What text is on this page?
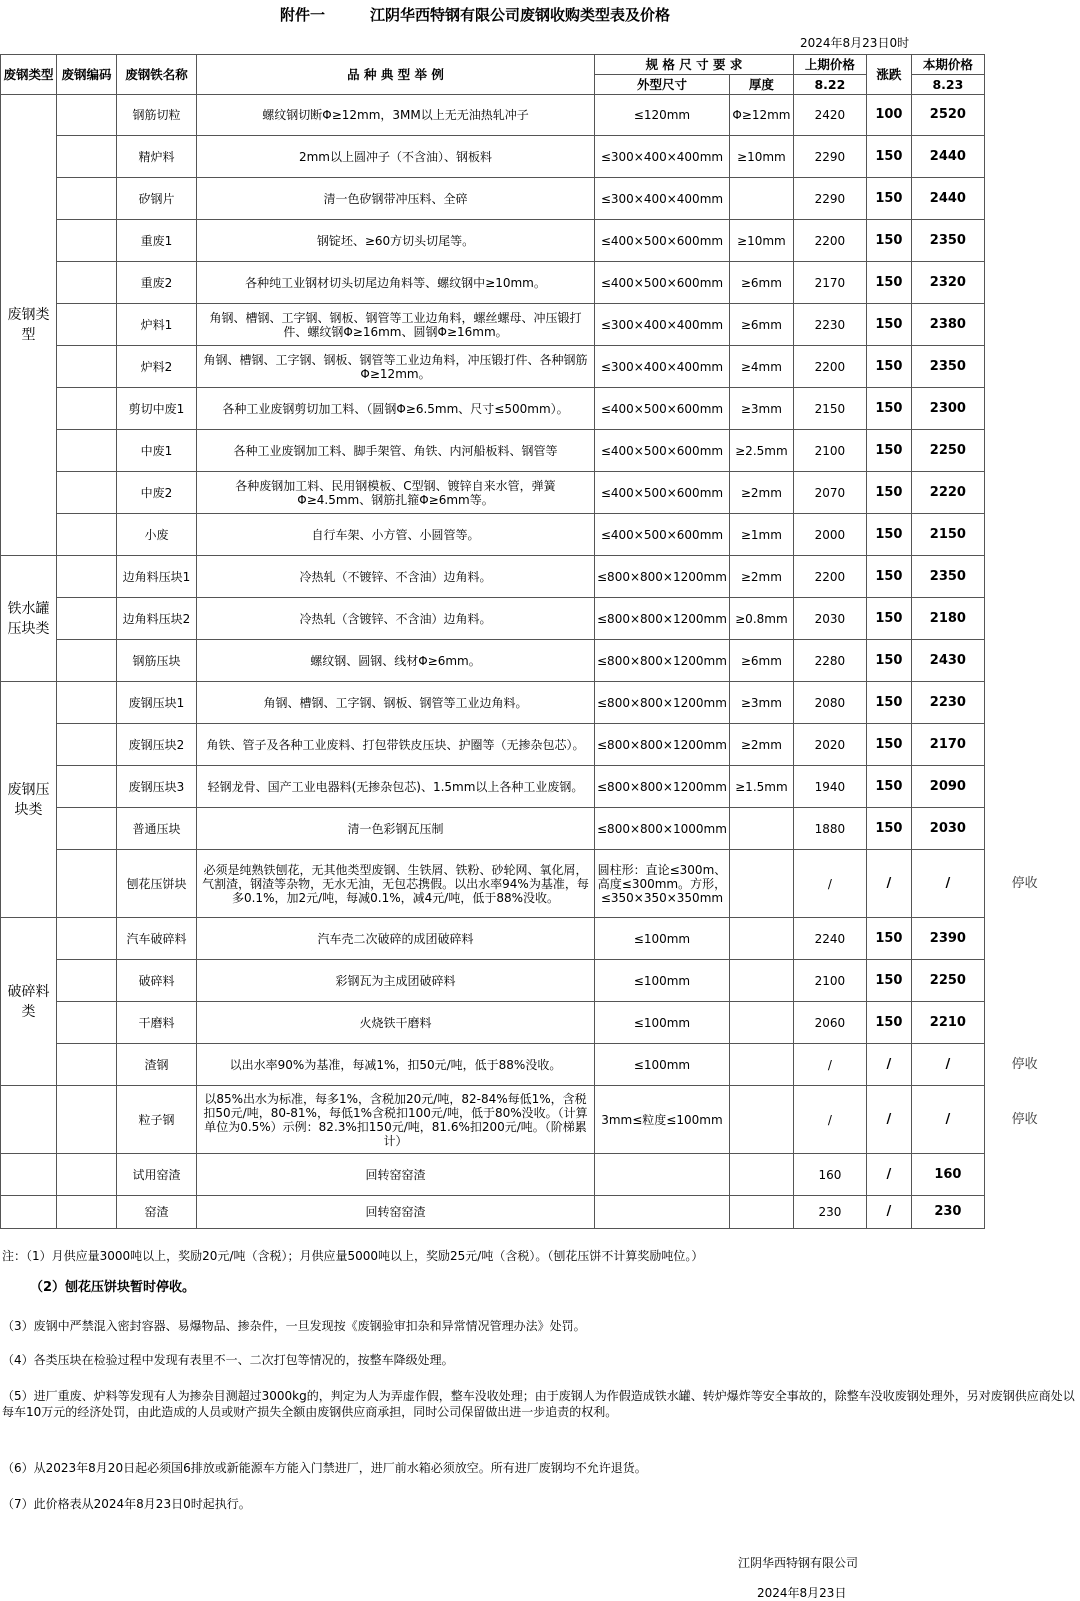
附件一	江阴华西特钢有限公司废钢收购类型表及价格
2024年8月23日0时
废钢类型	废钢编码	废钢铁名称	品 种 典 型 举 例	规 格 尺 寸 要 求		上期价格	涨跌	本期价格	
				外型尺寸	厚度	8.22		8.23	
废钢类型		钢筋切粒	螺纹钢切断Φ≥12mm，3MM以上无无油热轧冲子	≤120mm	Φ≥12mm	2420	100	2520	
		精炉料	2mm以上圆冲子（不含油）、钢板料	≤300×400×400mm	≥10mm	2290	150	2440	
		矽钢片	清一色矽钢带冲压料、全碎	≤300×400×400mm		2290	150	2440	
		重废1	钢锭坯、≥60方切头切尾等。	≤400×500×600mm	≥10mm	2200	150	2350	
		重废2	各种纯工业钢材切头切尾边角料等、螺纹钢中≥10mm。	≤400×500×600mm	≥6mm	2170	150	2320	
		炉料1	角钢、槽钢、工字钢、钢板、钢管等工业边角料，螺丝螺母、冲压锻打件、螺纹钢Φ≥16mm、圆钢Φ≥16mm。	≤300×400×400mm	≥6mm	2230	150	2380	
		炉料2	角钢、槽钢、工字钢、钢板、钢管等工业边角料，冲压锻打件、各种钢筋Φ≥12mm。	≤300×400×400mm	≥4mm	2200	150	2350	
		剪切中废1	各种工业废钢剪切加工料、（圆钢Φ≥6.5mm、尺寸≤500mm）。	≤400×500×600mm	≥3mm	2150	150	2300	
		中废1	各种工业废钢加工料、脚手架管、角铁、内河船板料、钢管等	≤400×500×600mm	≥2.5mm	2100	150	2250	
		中废2	各种废钢加工料、民用钢模板、C型钢、镀锌自来水管，弹簧Φ≥4.5mm、钢筋扎箍Φ≥6mm等。	≤400×500×600mm	≥2mm	2070	150	2220	
		小废	自行车架、小方管、小圆管等。	≤400×500×600mm	≥1mm	2000	150	2150	
铁水罐压块类		边角料压块1	冷热轧（不镀锌、不含油）边角料。	≤800×800×1200mm	≥2mm	2200	150	2350	
		边角料压块2	冷热轧（含镀锌、不含油）边角料。	≤800×800×1200mm	≥0.8mm	2030	150	2180	
		钢筋压块	螺纹钢、圆钢、线材Φ≥6mm。	≤800×800×1200mm	≥6mm	2280	150	2430	
废钢压块类		废钢压块1	角钢、槽钢、工字钢、钢板、钢管等工业边角料。	≤800×800×1200mm	≥3mm	2080	150	2230	
		废钢压块2	角铁、管子及各种工业废料、打包带铁皮压块、护圈等（无掺杂包芯）。	≤800×800×1200mm	≥2mm	2020	150	2170	
		废钢压块3	轻钢龙骨、国产工业电器料(无掺杂包芯)、1.5mm以上各种工业废钢。	≤800×800×1200mm	≥1.5mm	1940	150	2090	
		普通压块	清一色彩钢瓦压制	≤800×800×1000mm		1880	150	2030	
		刨花压饼块	必须是纯熟铁刨花，无其他类型废钢、生铁屑、铁粉、砂轮网、氧化屑，气割渣，钢渣等杂物，无水无油，无包芯携假。以出水率94%为基准，每多0.1%，加2元/吨，每减0.1%，减4元/吨，低于88%没收。	圆柱形：直论≤300m、高度≤300mm。方形，≤350×350×350mm		/	/	/	停收
破碎料类		汽车破碎料	汽车壳二次破碎的成团破碎料	≤100mm		2240	150	2390	
		破碎料	彩钢瓦为主成团破碎料	≤100mm		2100	150	2250	
		干磨料	火烧铁干磨料	≤100mm		2060	150	2210	
		渣钢	以出水率90%为基准，每减1%，扣50元/吨，低于88%没收。	≤100mm		/	/	/	停收
		粒子钢	以85%出水为标准，每多1%，含税加20元/吨，82-84%每低1%，含税扣50元/吨，80-81%，每低1%含税扣100元/吨，低于80%没收。（计算单位为0.5%）示例：82.3%扣150元/吨，81.6%扣200元/吨。（阶梯累计）	3mm≤粒度≤100mm		/	/	/	停收
		试用窑渣	回转窑窑渣			160	/	160	
		窑渣	回转窑窑渣			230	/	230	

注：（1）月供应量3000吨以上，奖励20元/吨（含税）；月供应量5000吨以上，奖励25元/吨（含税）。（刨花压饼不计算奖励吨位。）

（2）刨花压饼块暂时停收。

（3）废钢中严禁混入密封容器、易爆物品、掺杂件，一旦发现按《废钢验审扣杂和异常情况管理办法》处罚。

（4）各类压块在检验过程中发现有表里不一、二次打包等情况的，按整车降级处理。

（5）进厂重废、炉料等发现有人为掺杂目测超过3000kg的，判定为人为弄虚作假，整车没收处理；由于废钢人为作假造成铁水罐、转炉爆炸等安全事故的，除整车没收废钢处理外，另对废钢供应商处以每车10万元的经济处罚，由此造成的人员或财产损失全额由废钢供应商承担，同时公司保留做出进一步追责的权利。

（6）从2023年8月20日起必须国6排放或新能源车方能入门禁进厂，进厂前水箱必须放空。所有进厂废钢均不允许退货。

（7）此价格表从2024年8月23日0时起执行。

江阴华西特钢有限公司
2024年8月23日
